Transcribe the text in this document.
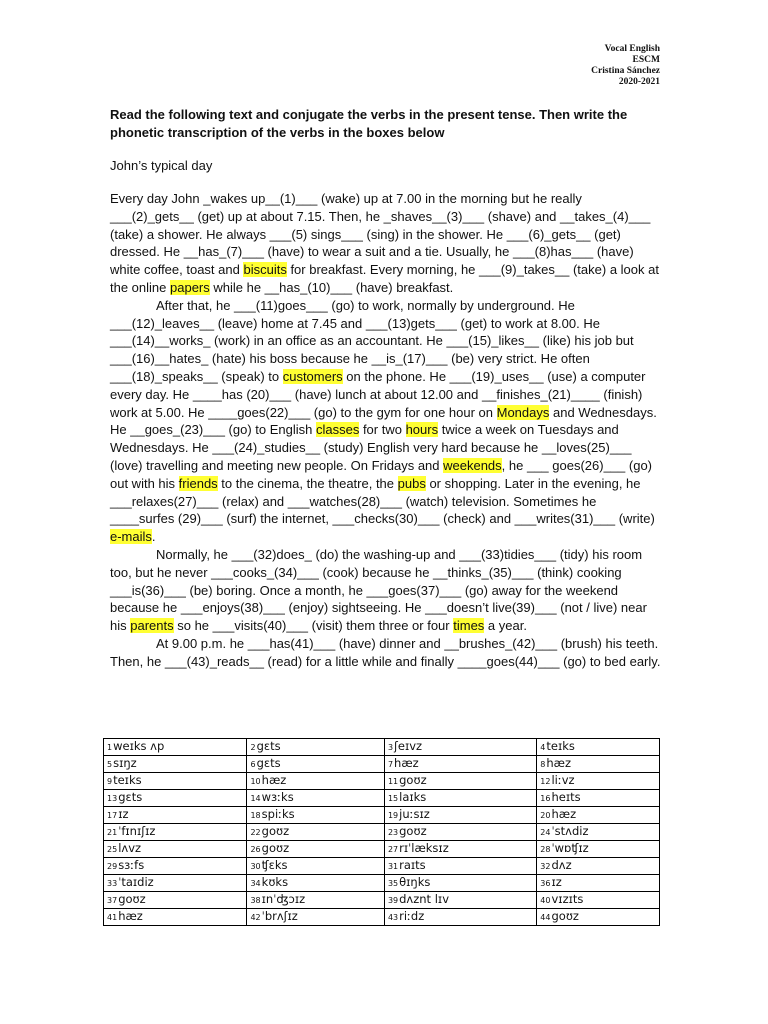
Vocal English
ESCM
Cristina Sánchez
2020-2021
Read the following text and conjugate the verbs in the present tense. Then write the phonetic transcription of the verbs in the boxes below
John’s typical day

Every day John _wakes up__(1)___ (wake) up at 7.00 in the morning but he really ___(2)_gets__ (get) up at about 7.15. Then, he _shaves__(3)___ (shave) and __takes_(4)___ (take) a shower. He always ___(5) sings___ (sing) in the shower. He ___(6)_gets__ (get) dressed. He __has_(7)___ (have) to wear a suit and a tie. Usually, he ___(8)has___ (have) white coffee, toast and biscuits for breakfast. Every morning, he ___(9)_takes__ (take) a look at the online papers while he __has_(10)___ (have) breakfast.

After that, he ___(11)goes___ (go) to work, normally by underground. He ___(12)_leaves__ (leave) home at 7.45 and ___(13)gets___ (get) to work at 8.00. He ___(14)__works_ (work) in an office as an accountant. He ___(15)_likes__ (like) his job but ___(16)__hates_ (hate) his boss because he __is_(17)___ (be) very strict. He often ___(18)_speaks__ (speak) to customers on the phone. He ___(19)_uses__ (use) a computer every day. He ____has (20)___ (have) lunch at about 12.00 and __finishes_(21)____ (finish) work at 5.00. He ____goes(22)___ (go) to the gym for one hour on Mondays and Wednesdays. He __goes_(23)___ (go) to English classes for two hours twice a week on Tuesdays and Wednesdays. He ___(24)_studies__ (study) English very hard because he __loves(25)___ (love) travelling and meeting new people. On Fridays and weekends, he ___ goes(26)___ (go) out with his friends to the cinema, the theatre, the pubs or shopping. Later in the evening, he ___relaxes(27)___ (relax) and ___watches(28)___ (watch) television. Sometimes he ____surfes (29)___ (surf) the internet, ___checks(30)___ (check) and ___writes(31)___ (write) e-mails.

Normally, he ___(32)does_ (do) the washing-up and ___(33)tidies___ (tidy) his room too, but he never ___cooks_(34)___ (cook) because he __thinks_(35)___ (think) cooking ___is(36)___ (be) boring. Once a month, he ___goes(37)___ (go) away for the weekend because he ___enjoys(38)___ (enjoy) sightseeing. He ___doesn’t live(39)___ (not / live) near his parents so he ___visits(40)___ (visit) them three or four times a year.

At 9.00 p.m. he ___has(41)___ (have) dinner and __brushes_(42)___ (brush) his teeth. Then, he ___(43)_reads__ (read) for a little while and finally ____goes(44)___ (go) to bed early.

1weɪks ʌp	2gɛts	3ʃeɪvz	4teɪks
5sɪŋz	6gɛts	7hæz	8hæz
9teɪks	10hæz	11goʊz	12liːvz
13gɛts	14wɜːks	15laɪks	16heɪts
17ɪz	18spiːks	19juːsɪz	20hæz
21ˈfɪnɪʃɪz	22goʊz	23goʊz	24ˈstʌdiz
25lʌvz	26goʊz	27rɪˈlæksɪz	28ˈwɒʧɪz
29sɜːfs	30ʧɛks	31raɪts	32dʌz
33ˈtaɪdiz	34kʊks	35θɪŋks	36ɪz
37goʊz	38ɪnˈʤɔɪz	39dʌznt lɪv	40vɪzɪts
41hæz	42ˈbrʌʃɪz	43riːdz	44goʊz
